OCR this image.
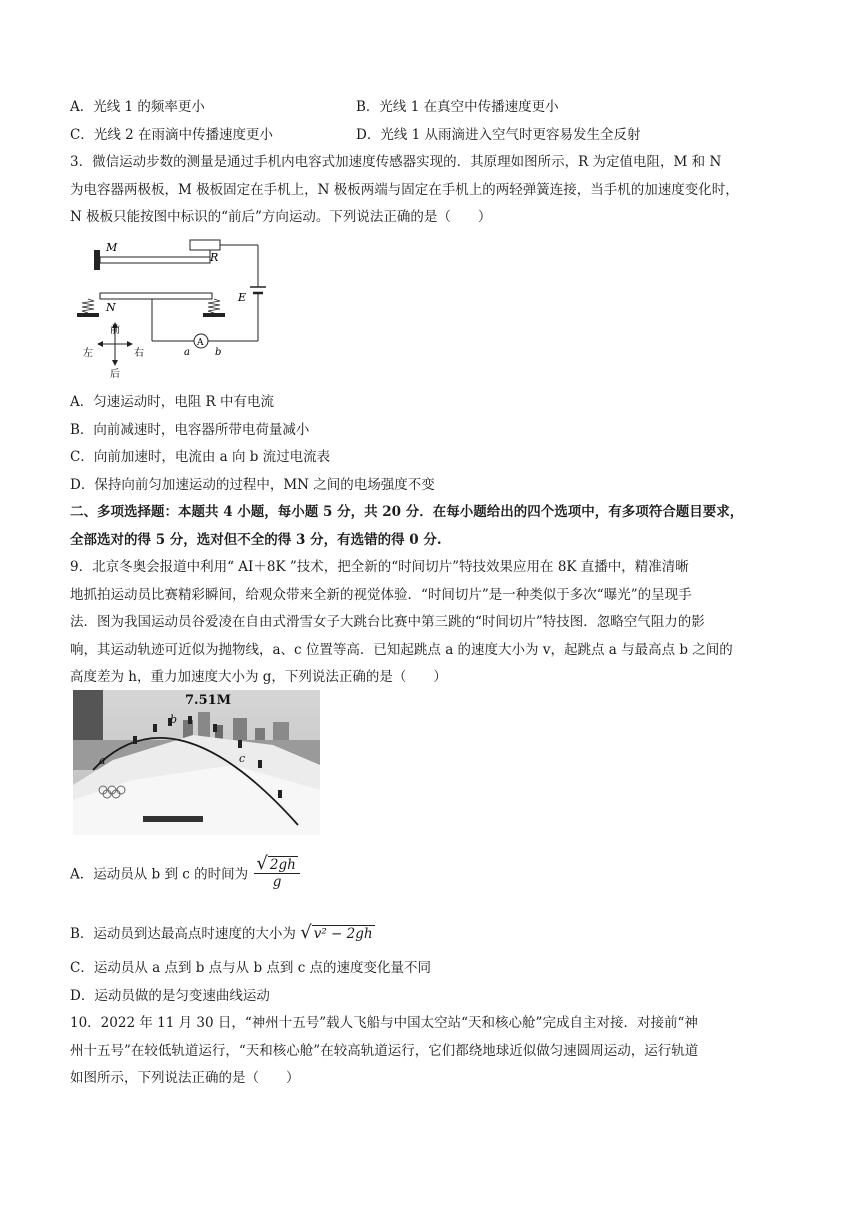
A．光线 1 的频率更小	B．光线 1 在真空中传播速度更小
C．光线 2 在雨滴中传播速度更小	D．光线 1 从雨滴进入空气时更容易发生全反射
3．微信运动步数的测量是通过手机内电容式加速度传感器实现的．其原理如图所示，R 为定值电阻，M 和 N
为电容器两极板，M 极板固定在手机上，N 极板两端与固定在手机上的两轻弹簧连接，当手机的加速度变化时，
N 极板只能按图中标识的“前后”方向运动。下列说法正确的是（　　）
M
R
E
N
A
a	b
前
后
左	右
A．匀速运动时，电阻 R 中有电流
B．向前减速时，电容器所带电荷量减小
C．向前加速时，电流由 a 向 b 流过电流表
D．保持向前匀加速运动的过程中，MN 之间的电场强度不变
二、多项选择题：本题共 4 小题，每小题 5 分，共 20 分．在每小题给出的四个选项中，有多项符合题目要求，
全部选对的得 5 分，选对但不全的得 3 分，有选错的得 0 分.
9．北京冬奥会报道中利用“ AI＋8K ”技术，把全新的“时间切片”特技效果应用在 8K 直播中，精准清晰
地抓拍运动员比赛精彩瞬间，给观众带来全新的视觉体验．“时间切片”是一种类似于多次“曝光”的呈现手
法．图为我国运动员谷爱凌在自由式滑雪女子大跳台比赛中第三跳的“时间切片”特技图．忽略空气阻力的影
响，其运动轨迹可近似为抛物线，a、c 位置等高．已知起跳点 a 的速度大小为 v，起跳点 a 与最高点 b 之间的
高度差为 h，重力加速度大小为 g，下列说法正确的是（　　）
7.51M
a
b
c
A．运动员从 b 到 c 的时间为 $\frac{√ 2gh}{g}$
B．运动员到达最高点时速度的大小为 √ v² − 2gh
C．运动员从 a 点到 b 点与从 b 点到 c 点的速度变化量不同
D．运动员做的是匀变速曲线运动
10．2022 年 11 月 30 日，“神州十五号”载人飞船与中国太空站“天和核心舱”完成自主对接．对接前“神
州十五号”在较低轨道运行，“天和核心舱”在较高轨道运行，它们都绕地球近似做匀速圆周运动，运行轨道
如图所示，下列说法正确的是（　　）
